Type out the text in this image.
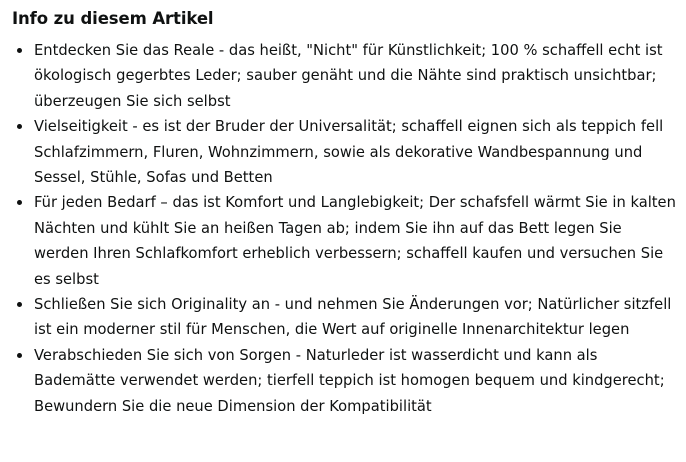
Info zu diesem Artikel
Entdecken Sie das Reale - das heißt, "Nicht" für Künstlichkeit; 100 % schaffell echt ist ökologisch gegerbtes Leder; sauber genäht und die Nähte sind praktisch unsichtbar; überzeugen Sie sich selbst
Vielseitigkeit - es ist der Bruder der Universalität; schaffell eignen sich als teppich fell Schlafzimmern, Fluren, Wohnzimmern, sowie als dekorative Wandbespannung und Sessel, Stühle, Sofas und Betten
Für jeden Bedarf – das ist Komfort und Langlebigkeit; Der schafsfell wärmt Sie in kalten Nächten und kühlt Sie an heißen Tagen ab; indem Sie ihn auf das Bett legen Sie werden Ihren Schlafkomfort erheblich verbessern; schaffell kaufen und versuchen Sie es selbst
Schließen Sie sich Originality an - und nehmen Sie Änderungen vor; Natürlicher sitzfell ist ein moderner stil für Menschen, die Wert auf originelle Innenarchitektur legen
Verabschieden Sie sich von Sorgen - Naturleder ist wasserdicht und kann als Bademätte verwendet werden; tierfell teppich ist homogen bequem und kindgerecht; Bewundern Sie die neue Dimension der Kompatibilität
